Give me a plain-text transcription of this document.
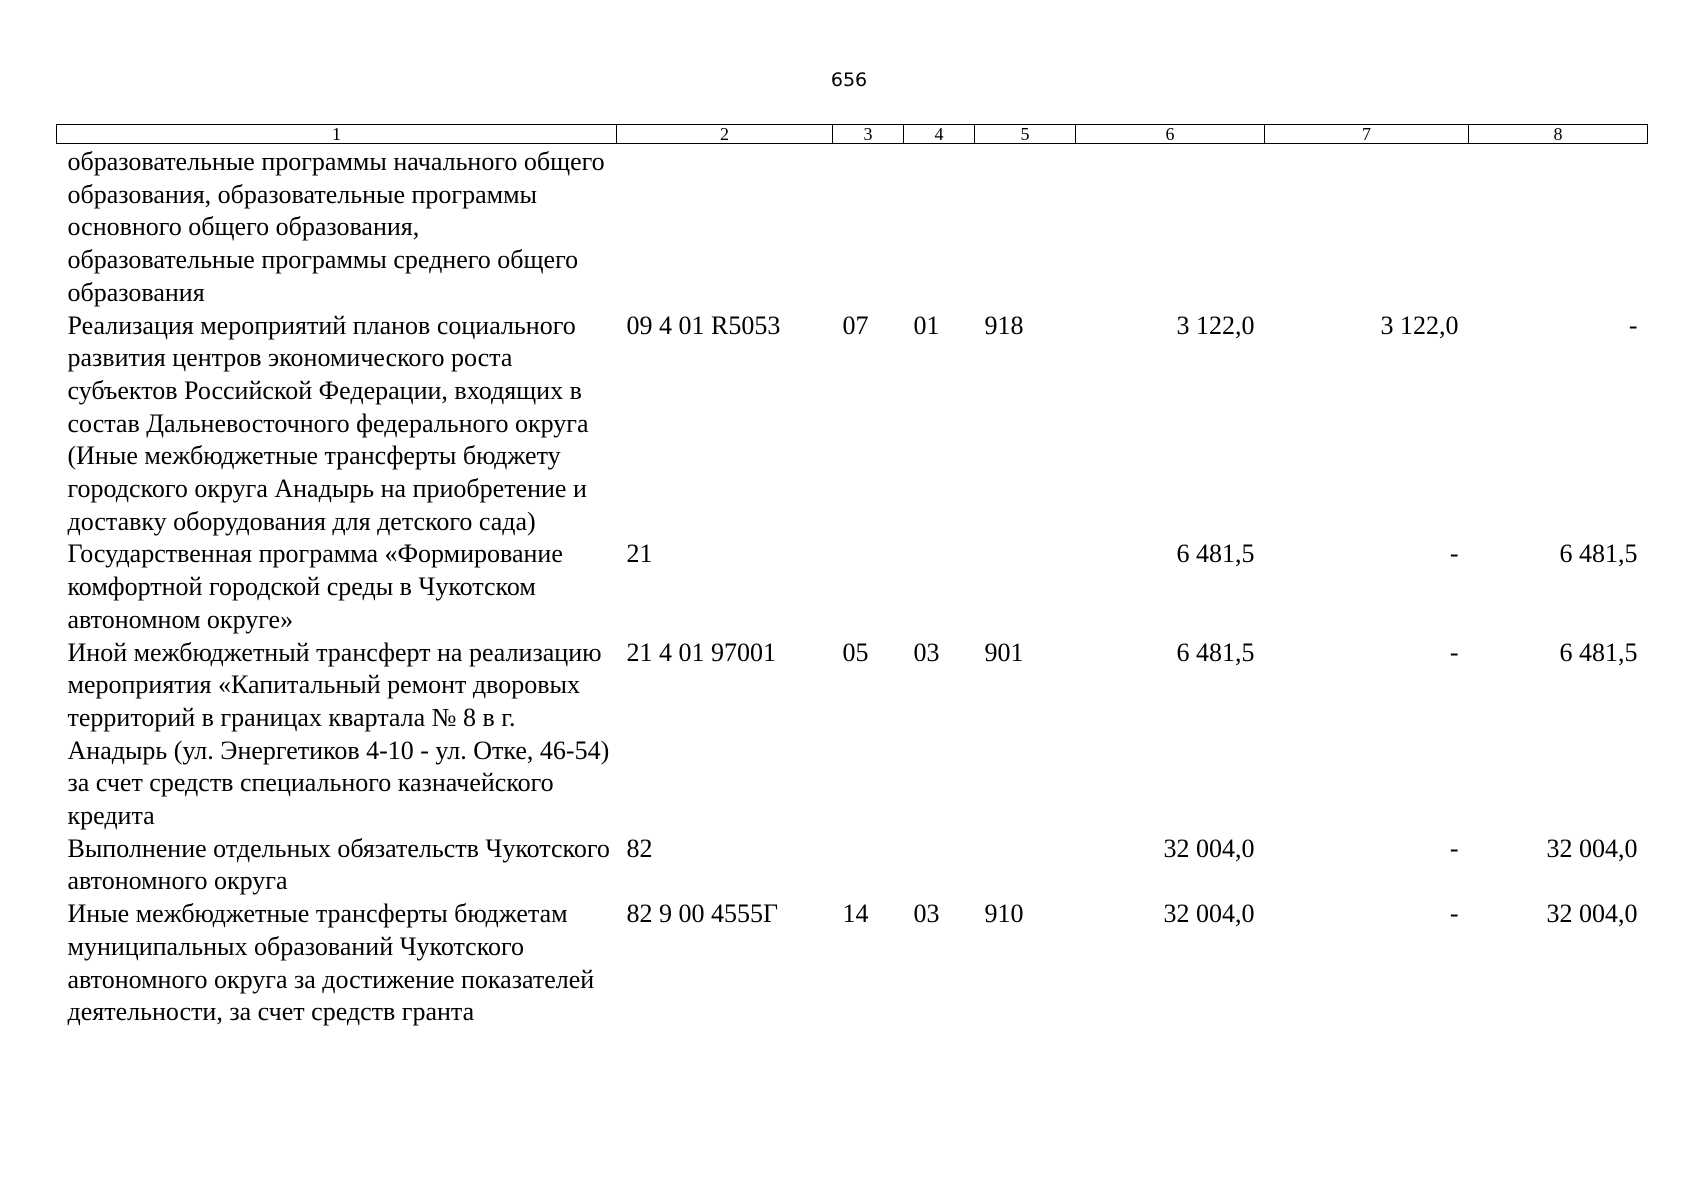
656
1	2	3	4	5	6	7	8
образовательные программы начального общего образования, образовательные программы основного общего образования, образовательные программы среднего общего образования							
Реализация мероприятий планов социального развития центров экономического роста субъектов Российской Федерации, входящих в состав Дальневосточного федерального округа (Иные межбюджетные трансферты бюджету городского округа Анадырь на приобретение и доставку оборудования для детского сада)	09 4 01 R5053	07	01	918	3 122,0	3 122,0	-
Государственная программа «Формирование комфортной городской среды в Чукотском автономном округе»	21				6 481,5	-	6 481,5
Иной межбюджетный трансферт на реализацию мероприятия «Капитальный ремонт дворовых территорий в границах квартала № 8 в г. Анадырь (ул. Энергетиков 4-10 - ул. Отке, 46-54) за счет средств специального казначейского кредита	21 4 01 97001	05	03	901	6 481,5	-	6 481,5
Выполнение отдельных обязательств Чукотского автономного округа	82				32 004,0	-	32 004,0
Иные межбюджетные трансферты бюджетам муниципальных образований Чукотского автономного округа за достижение показателей деятельности, за счет средств гранта	82 9 00 4555Г	14	03	910	32 004,0	-	32 004,0
